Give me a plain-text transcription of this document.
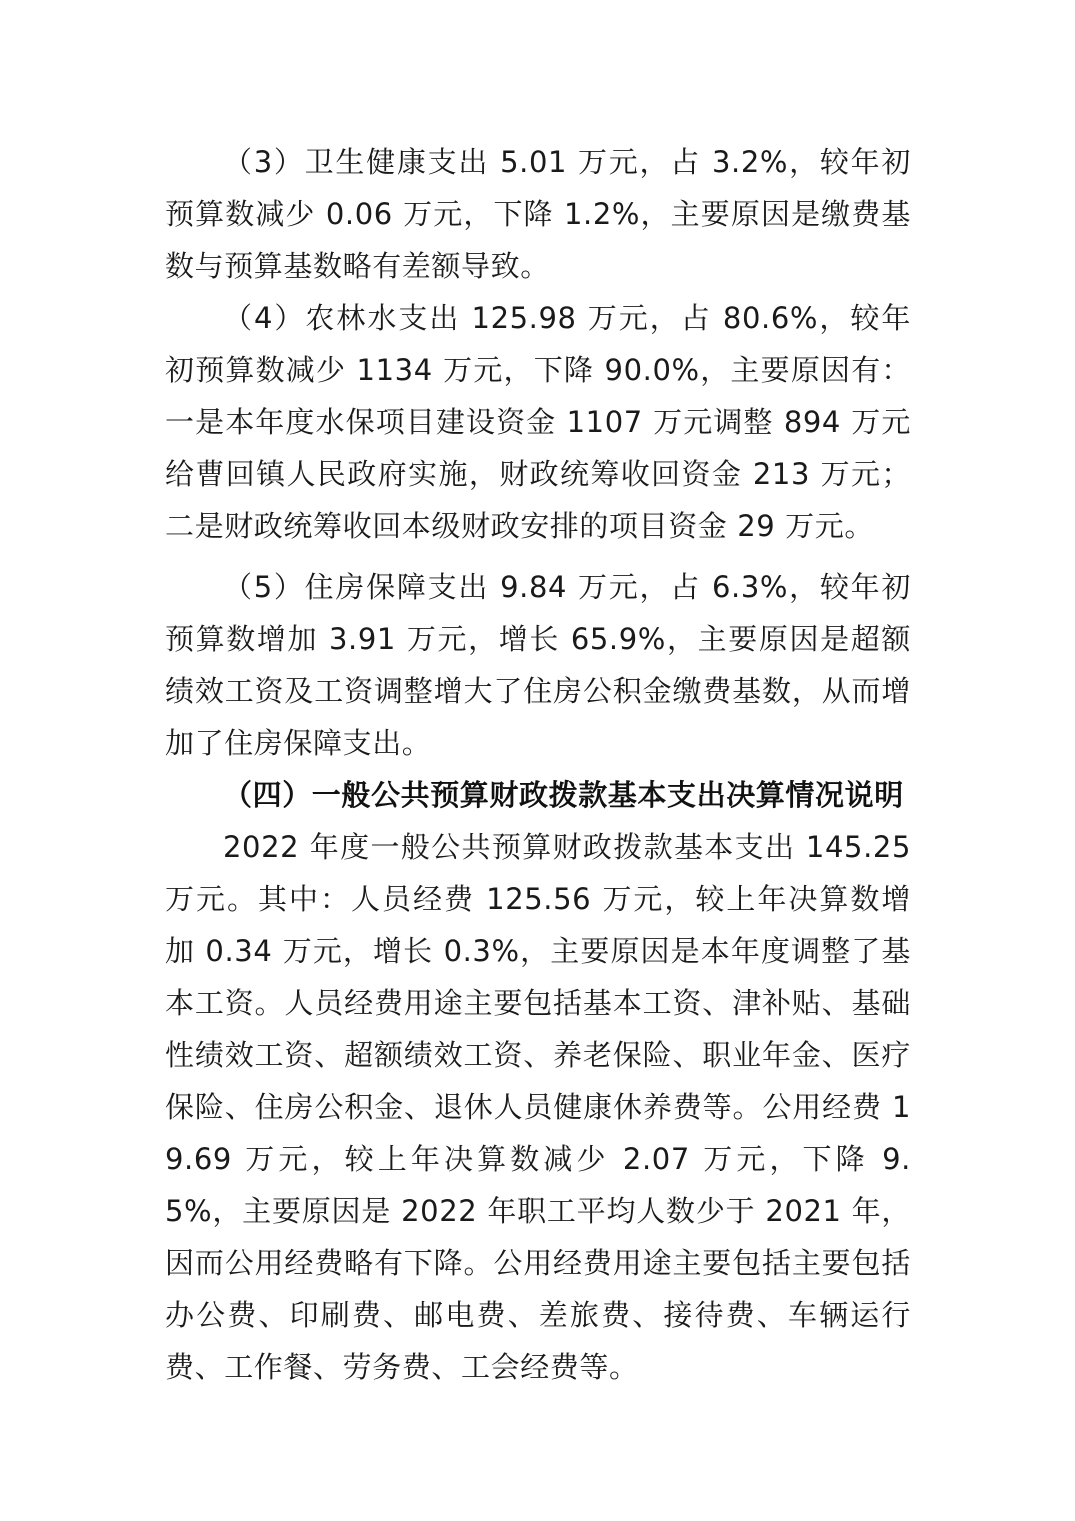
（3）卫生健康支出 5.01 万元，占 3.2%，较年初预算数减少 0.06 万元，下降 1.2%，主要原因是缴费基数与预算基数略有差额导致。

（4）农林水支出 125.98 万元，占 80.6%，较年初预算数减少 1134 万元，下降 90.0%，主要原因有：一是本年度水保项目建设资金 1107 万元调整 894 万元给曹回镇人民政府实施，财政统筹收回资金 213 万元；二是财政统筹收回本级财政安排的项目资金 29 万元。

（5）住房保障支出 9.84 万元，占 6.3%，较年初预算数增加 3.91 万元，增长 65.9%，主要原因是超额绩效工资及工资调整增大了住房公积金缴费基数，从而增加了住房保障支出。

（四）一般公共预算财政拨款基本支出决算情况说明

2022 年度一般公共预算财政拨款基本支出 145.25 万元。其中：人员经费 125.56 万元，较上年决算数增加 0.34 万元，增长 0.3%，主要原因是本年度调整了基本工资。人员经费用途主要包括基本工资、津补贴、基础性绩效工资、超额绩效工资、养老保险、职业年金、医疗保险、住房公积金、退休人员健康休养费等。公用经费 19.69 万元，较上年决算数减少 2.07 万元，下降 9.5%，主要原因是 2022 年职工平均人数少于 2021 年，因而公用经费略有下降。公用经费用途主要包括主要包括办公费、印刷费、邮电费、差旅费、接待费、车辆运行费、工作餐、劳务费、工会经费等。
